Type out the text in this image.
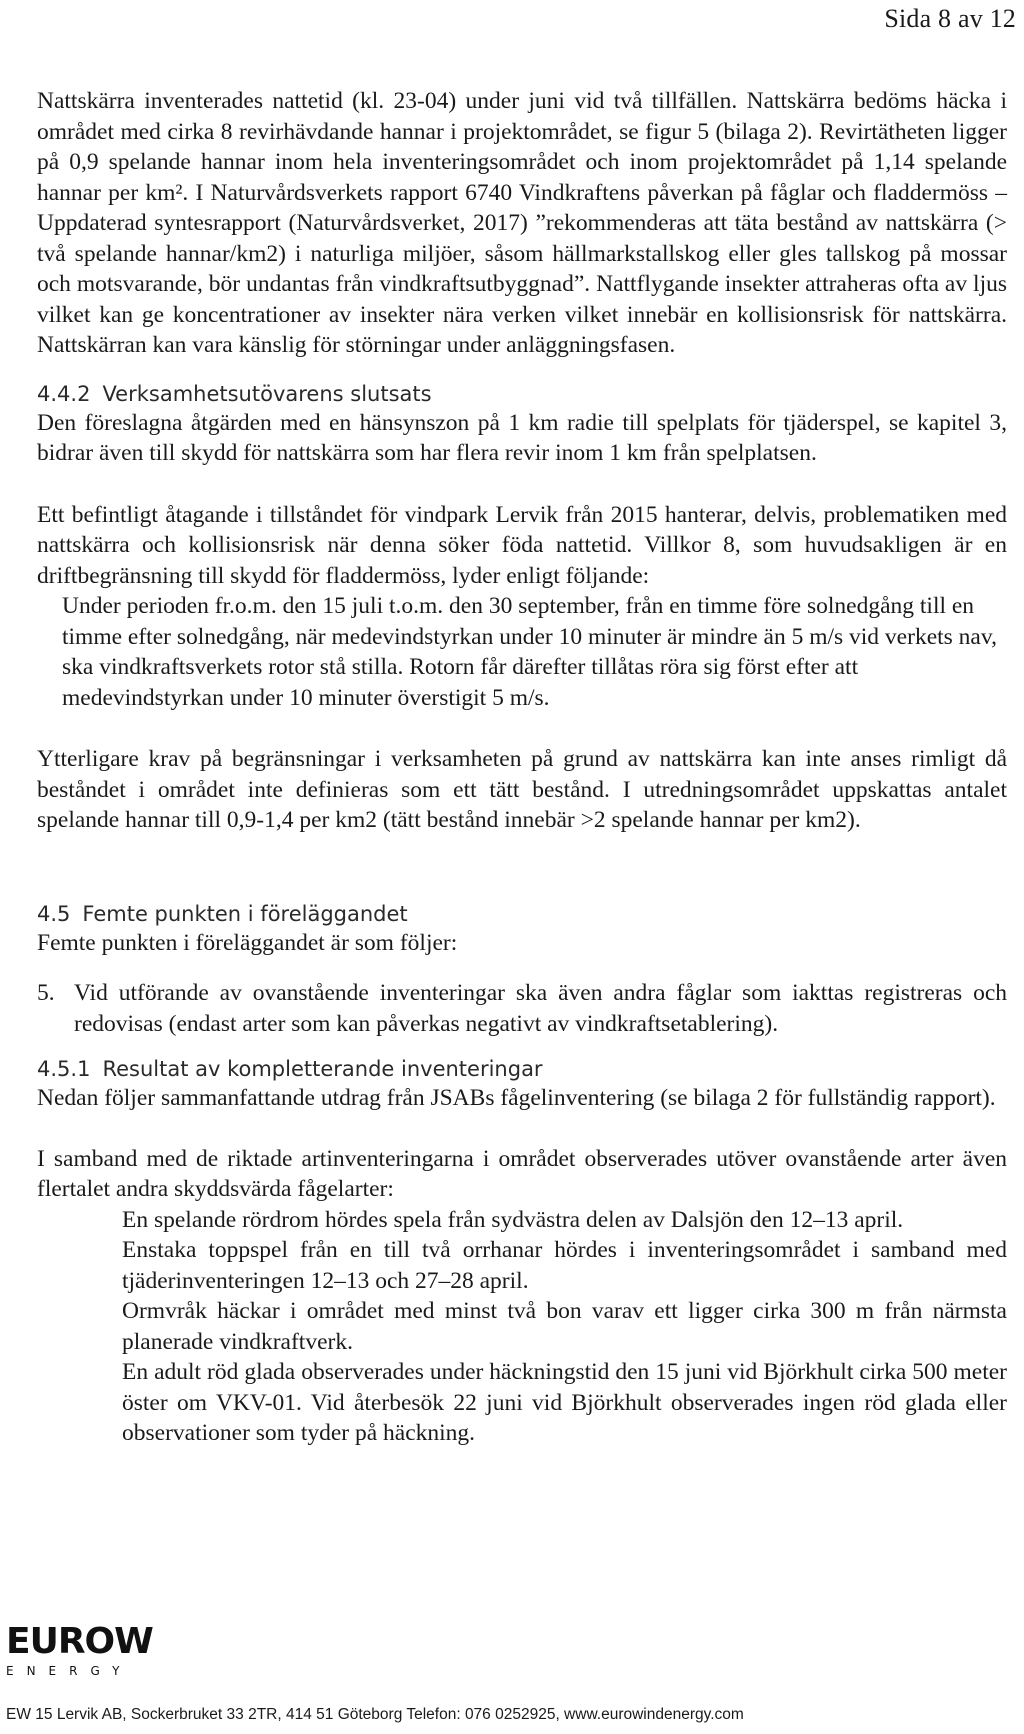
Sida 8 av 12

Nattskärra inventerades nattetid (kl. 23-04) under juni vid två tillfällen. Nattskärra bedöms häcka i området med cirka 8 revirhävdande hannar i projektområdet, se figur 5 (bilaga 2). Revirtätheten ligger på 0,9 spelande hannar inom hela inventeringsområdet och inom projektområdet på 1,14 spelande hannar per km². I Naturvårdsverkets rapport 6740 Vindkraftens påverkan på fåglar och fladdermöss – Uppdaterad syntesrapport (Naturvårdsverket, 2017) ”rekommenderas att täta bestånd av nattskärra (> två spelande hannar/km2) i naturliga miljöer, såsom hällmarkstallskog eller gles tallskog på mossar och motsvarande, bör undantas från vindkraftsutbyggnad”. Nattflygande insekter attraheras ofta av ljus vilket kan ge koncentrationer av insekter nära verken vilket innebär en kollisionsrisk för nattskärra. Nattskärran kan vara känslig för störningar under anläggningsfasen.

4.4.2 Verksamhetsutövarens slutsats

Den föreslagna åtgärden med en hänsynszon på 1 km radie till spelplats för tjäderspel, se kapitel 3, bidrar även till skydd för nattskärra som har flera revir inom 1 km från spelplatsen.

Ett befintligt åtagande i tillståndet för vindpark Lervik från 2015 hanterar, delvis, problematiken med nattskärra och kollisionsrisk när denna söker föda nattetid. Villkor 8, som huvudsakligen är en driftbegränsning till skydd för fladdermöss, lyder enligt följande:

Under perioden fr.o.m. den 15 juli t.o.m. den 30 september, från en timme före solnedgång till en timme efter solnedgång, när medevindstyrkan under 10 minuter är mindre än 5 m/s vid verkets nav, ska vindkraftsverkets rotor stå stilla. Rotorn får därefter tillåtas röra sig först efter att medevindstyrkan under 10 minuter överstigit 5 m/s.

Ytterligare krav på begränsningar i verksamheten på grund av nattskärra kan inte anses rimligt då beståndet i området inte definieras som ett tätt bestånd. I utredningsområdet uppskattas antalet spelande hannar till 0,9-1,4 per km2 (tätt bestånd innebär >2 spelande hannar per km2).

4.5 Femte punkten i föreläggandet

Femte punkten i föreläggandet är som följer:

5. Vid utförande av ovanstående inventeringar ska även andra fåglar som iakttas registreras och redovisas (endast arter som kan påverkas negativt av vindkraftsetablering).

4.5.1 Resultat av kompletterande inventeringar

Nedan följer sammanfattande utdrag från JSABs fågelinventering (se bilaga 2 för fullständig rapport).

I samband med de riktade artinventeringarna i området observerades utöver ovanstående arter även flertalet andra skyddsvärda fågelarter:

En spelande rördrom hördes spela från sydvästra delen av Dalsjön den 12–13 april.

Enstaka toppspel från en till två orrhanar hördes i inventeringsområdet i samband med tjäderinventeringen 12–13 och 27–28 april.

Ormvråk häckar i området med minst två bon varav ett ligger cirka 300 m från närmsta planerade vindkraftverk.

En adult röd glada observerades under häckningstid den 15 juni vid Björkhult cirka 500 meter öster om VKV-01. Vid återbesök 22 juni vid Björkhult observerades ingen röd glada eller observationer som tyder på häckning.

EUROW
ENERGY
EW 15 Lervik AB, Sockerbruket 33 2TR, 414 51 Göteborg Telefon: 076 0252925, www.eurowindenergy.com
